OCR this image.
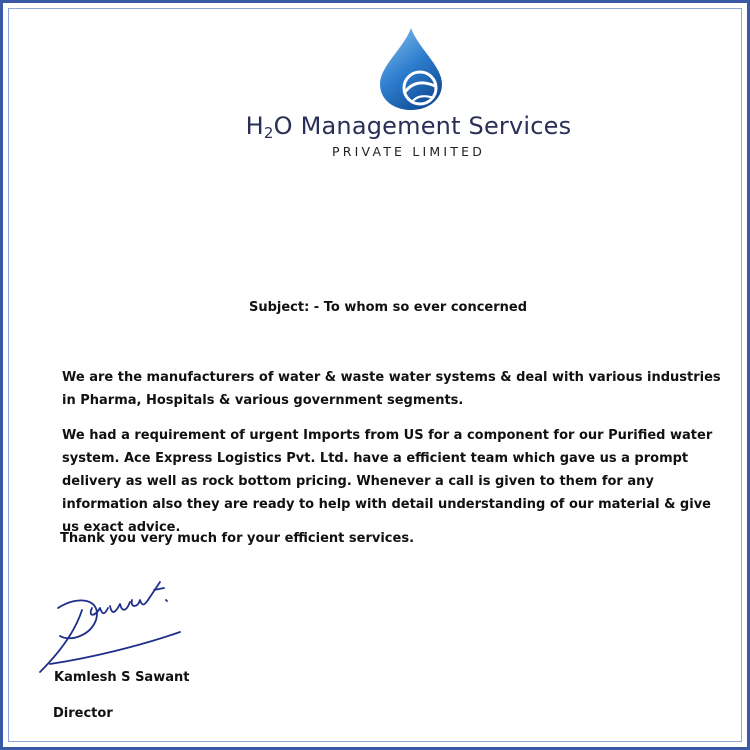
H2O Management Services
PRIVATE LIMITED
Subject: - To whom so ever concerned

We are the manufacturers of water & waste water systems & deal with various industries in Pharma, Hospitals & various government segments.

We had a requirement of urgent Imports from US for a component for our Purified water system. Ace Express Logistics Pvt. Ltd. have a efficient team which gave us a prompt delivery as well as rock bottom pricing. Whenever a call is given to them for any information also they are ready to help with detail understanding of our material & give us exact advice.

Thank you very much for your efficient services.

Kamlesh S Sawant
Director
